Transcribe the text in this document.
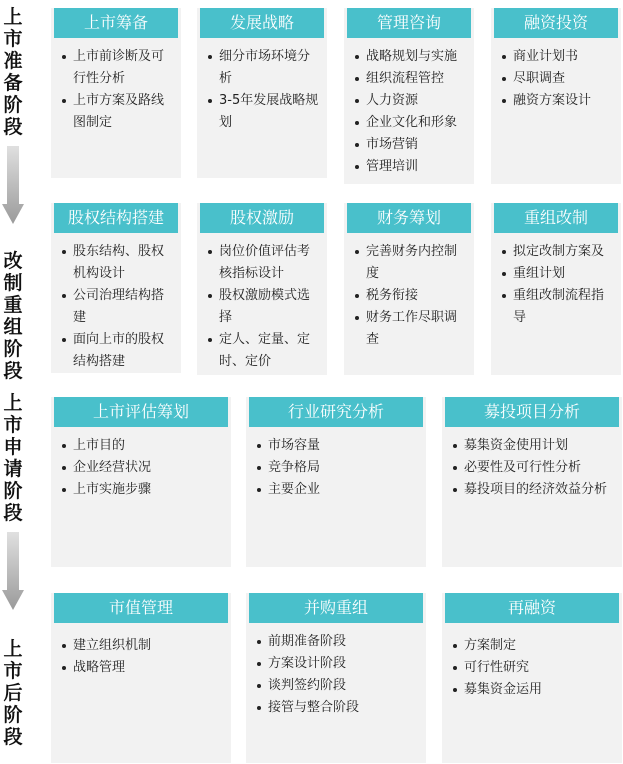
上市准备阶段
改制重组阶段
上市申请阶段
上市后阶段
上市筹备
上市前诊断及可行性分析
上市方案及路线图制定
发展战略
细分市场环境分析
3-5年发展战略规划
管理咨询
战略规划与实施
组织流程管控
人力资源
企业文化和形象
市场营销
管理培训
融资投资
商业计划书
尽职调查
融资方案设计
股权结构搭建
股东结构、股权机构设计
公司治理结构搭建
面向上市的股权结构搭建
股权激励
岗位价值评估考核指标设计
股权激励模式选择
定人、定量、定时、定价
财务筹划
完善财务内控制度
税务衔接
财务工作尽职调查
重组改制
拟定改制方案及
重组计划
重组改制流程指导
上市评估筹划
上市目的
企业经营状况
上市实施步骤
行业研究分析
市场容量
竞争格局
主要企业
募投项目分析
募集资金使用计划
必要性及可行性分析
募投项目的经济效益分析
市值管理
建立组织机制
战略管理
并购重组
前期准备阶段
方案设计阶段
谈判签约阶段
接管与整合阶段
再融资
方案制定
可行性研究
募集资金运用
